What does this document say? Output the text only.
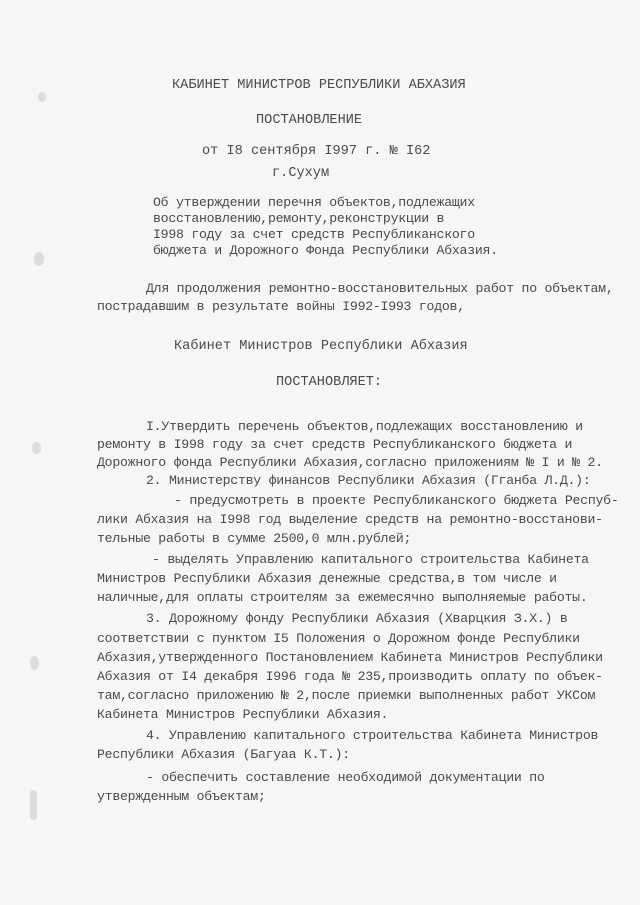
КАБИНЕТ МИНИСТРОВ РЕСПУБЛИКИ АБХАЗИЯ
ПОСТАНОВЛЕНИЕ
от I8 сентября I997 г. № I62
г.Сухум
Об утверждении перечня объектов,подлежащих
восстановлению,ремонту,реконструкции в
I998 году за счет средств Республиканского
бюджета и Дорожного Фонда Республики Абхазия.
Для продолжения ремонтно-восстановительных работ по объектам,
пострадавшим в результате войны I992-I993 годов,
Кабинет Министров Республики Абхазия
ПОСТАНОВЛЯЕТ:
I.Утвердить перечень объектов,подлежащих восстановлению и
ремонту в I998 году за счет средств Республиканского бюджета и
Дорожного фонда Республики Абхазия,согласно приложениям № I и № 2.
2. Министерству финансов Республики Абхазия (Гганба Л.Д.):
- предусмотреть в проекте Республиканского бюджета Респуб-
лики Абхазия на I998 год выделение средств на ремонтно-восстанови-
тельные работы в сумме 2500,0 млн.рублей;
- выделять Управлению капитального строительства Кабинета
Министров Республики Абхазия денежные средства,в том числе и
наличные,для оплаты строителям за ежемесячно выполняемые работы.
3. Дорожному фонду Республики Абхазия (Хварцкия З.Х.) в
соответствии с пунктом I5 Положения о Дорожном фонде Республики
Абхазия,утвержденного Постановлением Кабинета Министров Республики
Абхазия от I4 декабря I996 года № 235,производить оплату по объек-
там,согласно приложению № 2,после приемки выполненных работ УКСом
Кабинета Министров Республики Абхазия.
4. Управлению капитального строительства Кабинета Министров
Республики Абхазия (Багуаа К.Т.):
- обеспечить составление необходимой документации по
утвержденным объектам;
